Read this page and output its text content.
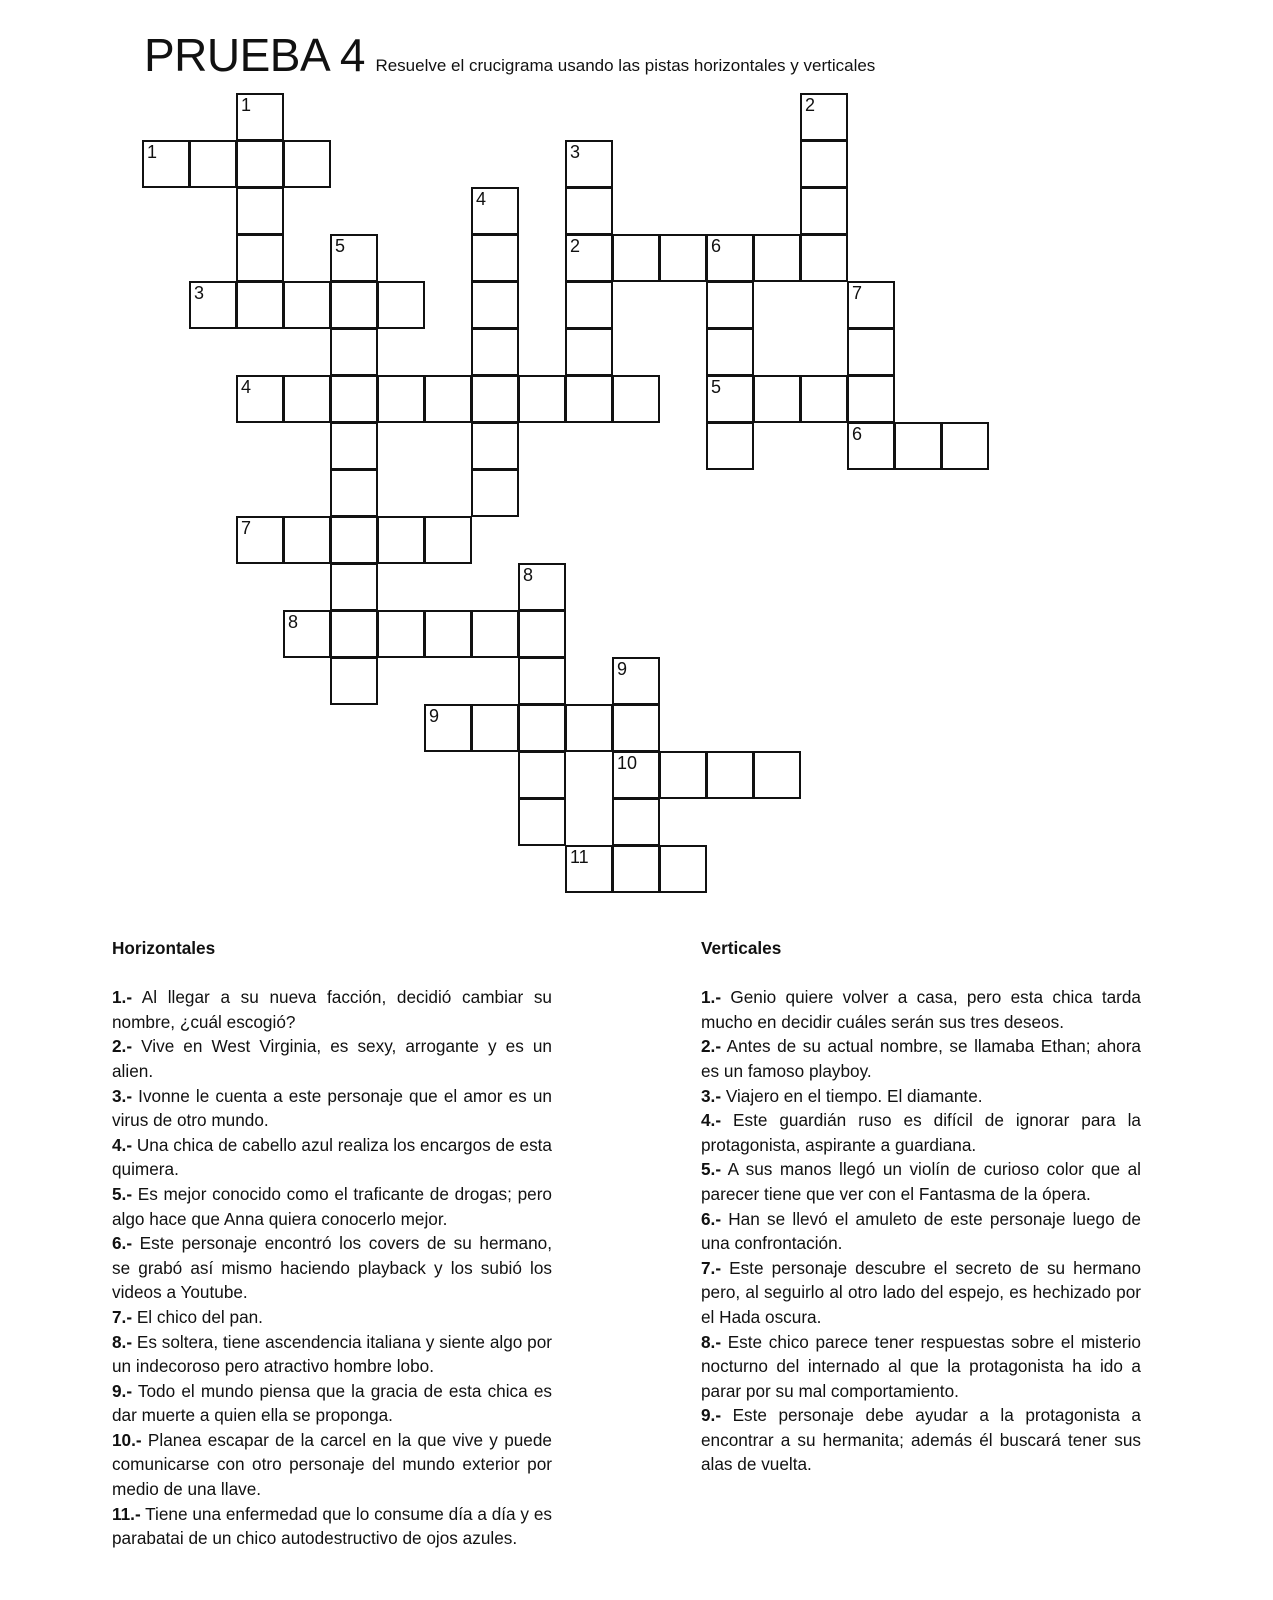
PRUEBA 4 Resuelve el crucigrama usando las pistas horizontales y verticales
1
2
3
4	5
6
7
8
9
10
11
1	2
3
4
5	6
7
8
9
Horizontales

1.- Al llegar a su nueva facción, decidió cambiar su nombre, ¿cuál escogió?

2.- Vive en West Virginia, es sexy, arrogante y es un alien.

3.- Ivonne le cuenta a este personaje que el amor es un virus de otro mundo.

4.- Una chica de cabello azul realiza los encargos de esta quimera.

5.- Es mejor conocido como el traficante de drogas; pero algo hace que Anna quiera conocerlo mejor.

6.- Este personaje encontró los covers de su hermano, se grabó así mismo haciendo playback y los subió los videos a Youtube.

7.- El chico del pan.

8.- Es soltera, tiene ascendencia italiana y siente algo por un indecoroso pero atractivo hombre lobo.

9.- Todo el mundo piensa que la gracia de esta chica es dar muerte a quien ella se proponga.

10.- Planea escapar de la carcel en la que vive y puede comunicarse con otro personaje del mundo exterior por medio de una llave.

11.- Tiene una enfermedad que lo consume día a día y es parabatai de un chico autodestructivo de ojos azules.

Verticales

1.- Genio quiere volver a casa, pero esta chica tarda mucho en decidir cuáles serán sus tres deseos.

2.- Antes de su actual nombre, se llamaba Ethan; ahora es un famoso playboy.

3.- Viajero en el tiempo. El diamante.

4.- Este guardián ruso es difícil de ignorar para la protagonista, aspirante a guardiana.

5.- A sus manos llegó un violín de curioso color que al parecer tiene que ver con el Fantasma de la ópera.

6.- Han se llevó el amuleto de este personaje luego de una confrontación.

7.- Este personaje descubre el secreto de su hermano pero, al seguirlo al otro lado del espejo, es hechizado por el Hada oscura.

8.- Este chico parece tener respuestas sobre el misterio nocturno del internado al que la protagonista ha ido a parar por su mal comportamiento.

9.- Este personaje debe ayudar a la protagonista a encontrar a su hermanita; además él buscará tener sus alas de vuelta.
